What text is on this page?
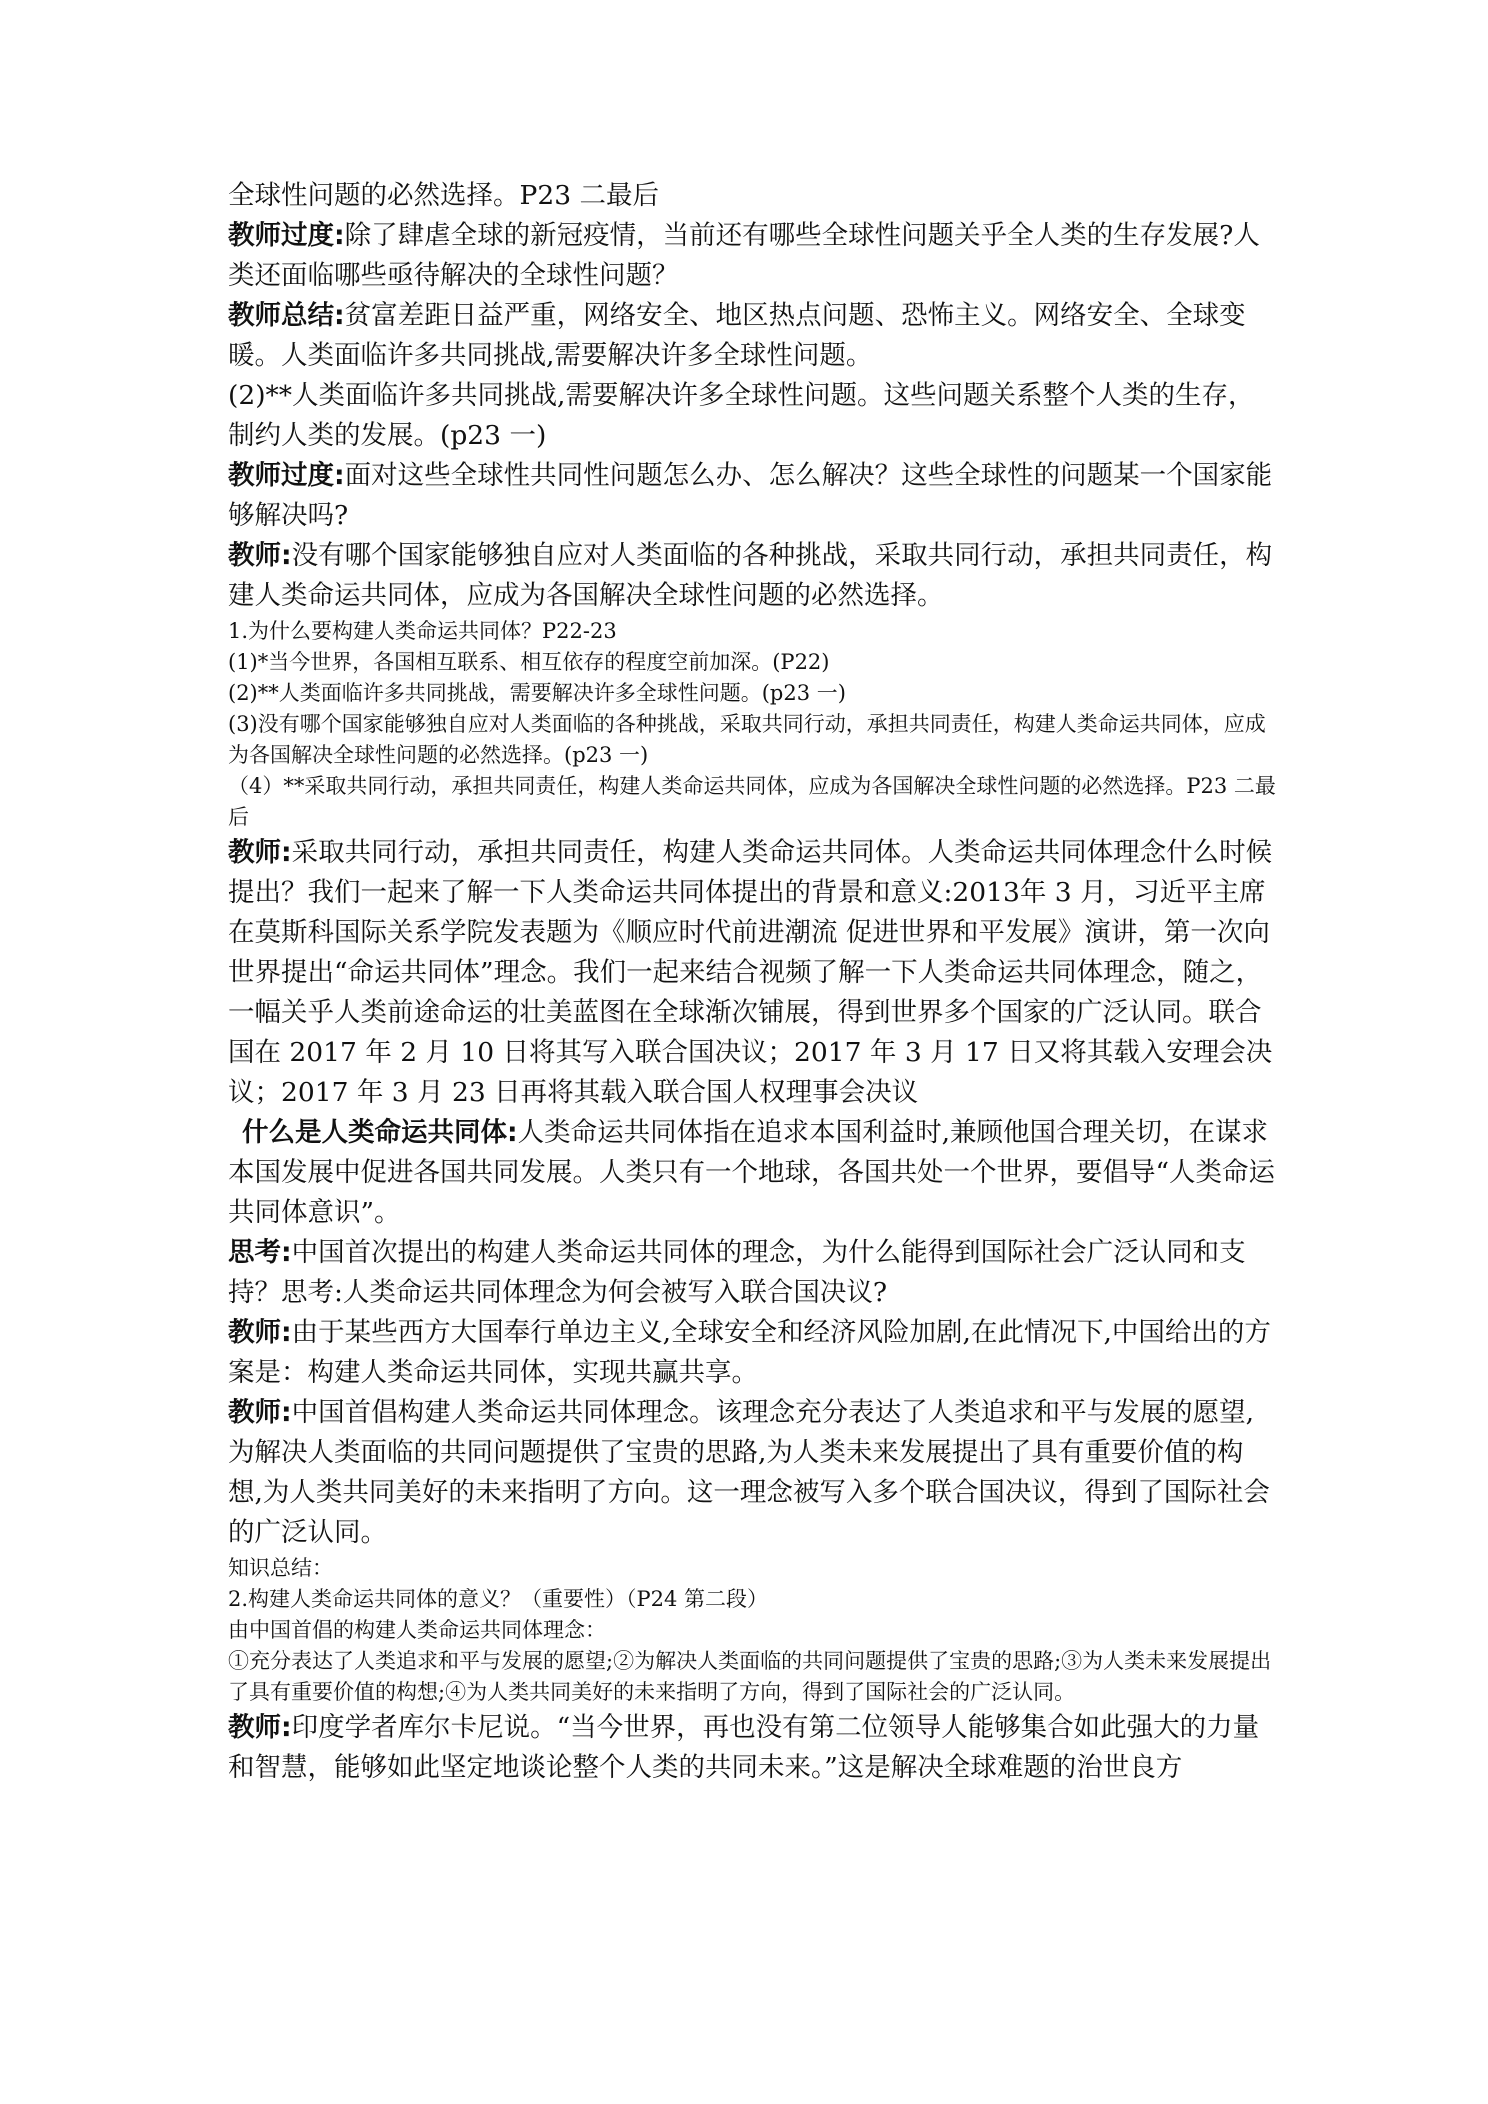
全球性问题的必然选择。P23 二最后

教师过度:除了肆虐全球的新冠疫情，当前还有哪些全球性问题关乎全人类的生存发展?人类还面临哪些亟待解决的全球性问题？

教师总结:贫富差距日益严重，网络安全、地区热点问题、恐怖主义。网络安全、全球变暖。人类面临许多共同挑战,需要解决许多全球性问题。

(2)**人类面临许多共同挑战,需要解决许多全球性问题。这些问题关系整个人类的生存，制约人类的发展。(p23 一)

教师过度:面对这些全球性共同性问题怎么办、怎么解决？这些全球性的问题某一个国家能够解决吗?

教师:没有哪个国家能够独自应对人类面临的各种挑战，采取共同行动，承担共同责任，构建人类命运共同体，应成为各国解决全球性问题的必然选择。

1.为什么要构建人类命运共同体？P22-23

(1)*当今世界，各国相互联系、相互依存的程度空前加深。(P22)

(2)**人类面临许多共同挑战，需要解决许多全球性问题。(p23 一)

(3)没有哪个国家能够独自应对人类面临的各种挑战，采取共同行动，承担共同责任，构建人类命运共同体，应成为各国解决全球性问题的必然选择。(p23 一)

（4）**采取共同行动，承担共同责任，构建人类命运共同体，应成为各国解决全球性问题的必然选择。P23 二最后

教师:采取共同行动，承担共同责任，构建人类命运共同体。人类命运共同体理念什么时候提出？我们一起来了解一下人类命运共同体提出的背景和意义:2013年 3 月，习近平主席在莫斯科国际关系学院发表题为《顺应时代前进潮流 促进世界和平发展》演讲，第一次向世界提出“命运共同体”理念。我们一起来结合视频了解一下人类命运共同体理念，随之，一幅关乎人类前途命运的壮美蓝图在全球渐次铺展，得到世界多个国家的广泛认同。联合国在 2017 年 2 月 10 日将其写入联合国决议；2017 年 3 月 17 日又将其载入安理会决议；2017 年 3 月 23 日再将其载入联合国人权理事会决议

什么是人类命运共同体:人类命运共同体指在追求本国利益时,兼顾他国合理关切，在谋求本国发展中促进各国共同发展。人类只有一个地球，各国共处一个世界，要倡导“人类命运共同体意识”。

思考:中国首次提出的构建人类命运共同体的理念，为什么能得到国际社会广泛认同和支持？思考:人类命运共同体理念为何会被写入联合国决议?

教师:由于某些西方大国奉行单边主义,全球安全和经济风险加剧,在此情况下,中国给出的方案是：构建人类命运共同体，实现共赢共享。

教师:中国首倡构建人类命运共同体理念。该理念充分表达了人类追求和平与发展的愿望,为解决人类面临的共同问题提供了宝贵的思路,为人类未来发展提出了具有重要价值的构想,为人类共同美好的未来指明了方向。这一理念被写入多个联合国决议，得到了国际社会的广泛认同。

知识总结：

2.构建人类命运共同体的意义？（重要性）（P24 第二段）

由中国首倡的构建人类命运共同体理念：

①充分表达了人类追求和平与发展的愿望;②为解决人类面临的共同问题提供了宝贵的思路;③为人类未来发展提出了具有重要价值的构想;④为人类共同美好的未来指明了方向，得到了国际社会的广泛认同。

教师:印度学者库尔卡尼说。“当今世界，再也没有第二位领导人能够集合如此强大的力量和智慧，能够如此坚定地谈论整个人类的共同未来。”这是解决全球难题的治世良方
